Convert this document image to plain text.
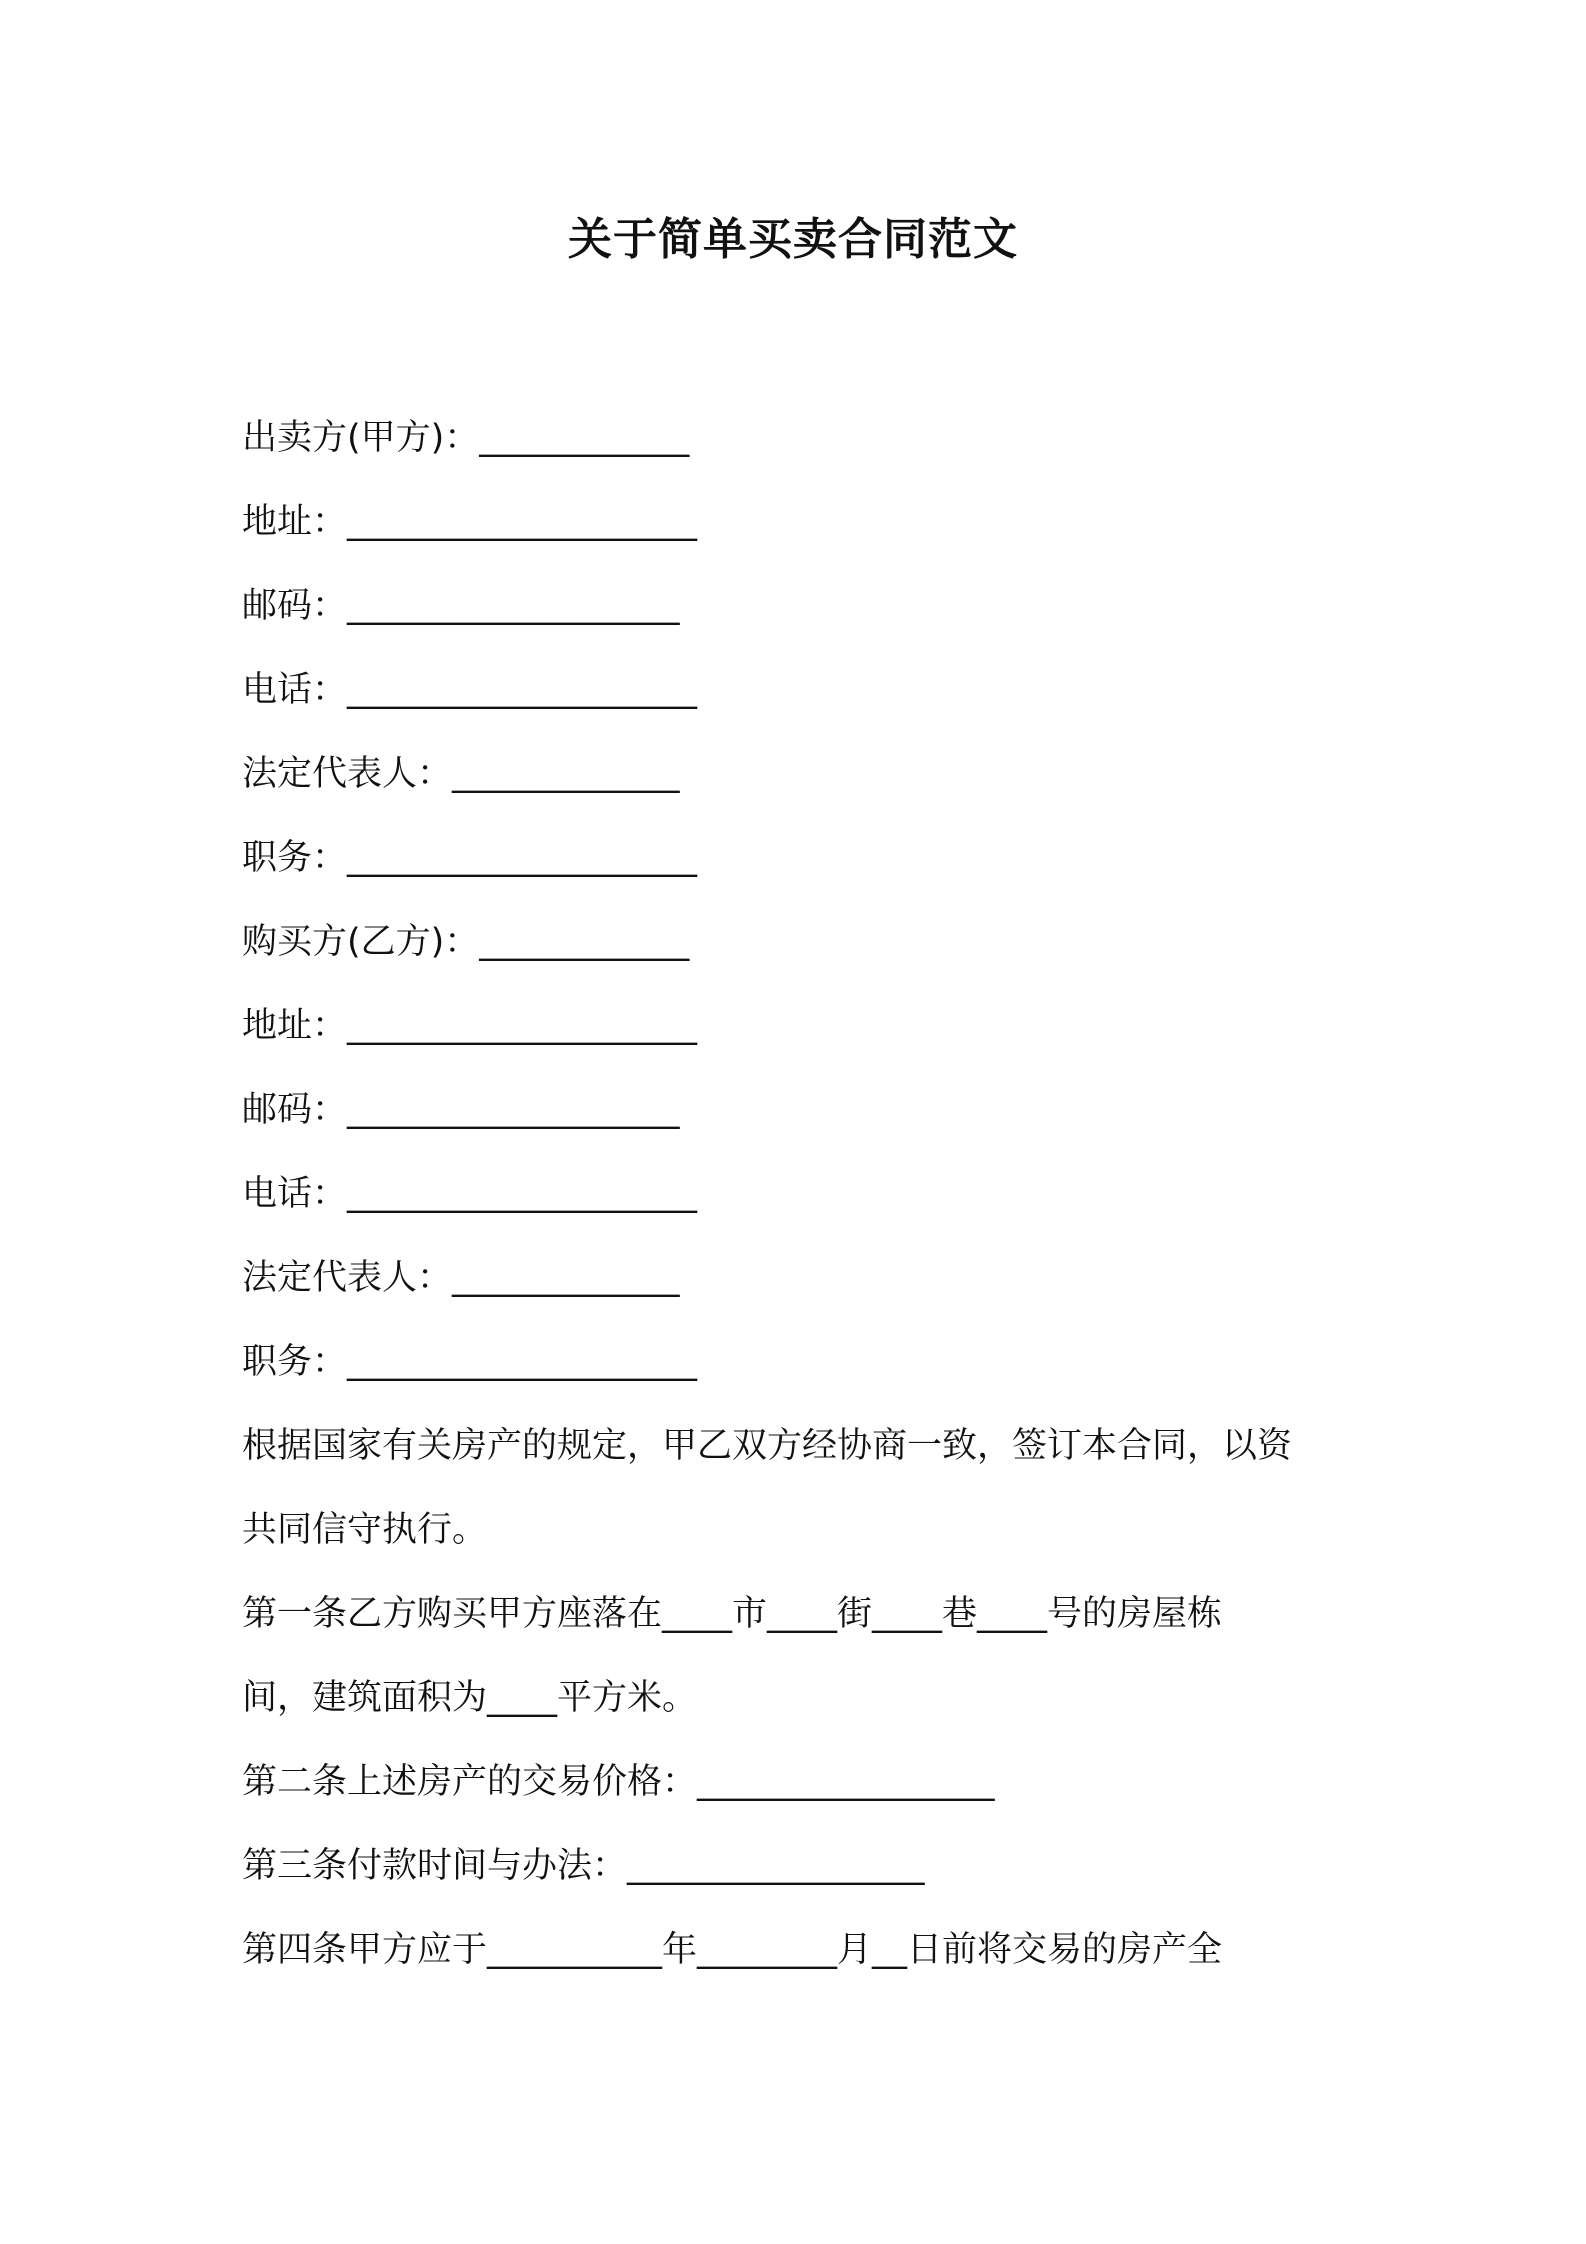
关于简单买卖合同范文
出卖方(甲方)：____________
地址：____________________
邮码：___________________
电话：____________________
法定代表人：_____________
职务：____________________
购买方(乙方)：____________
地址：____________________
邮码：___________________
电话：____________________
法定代表人：_____________
职务：____________________
根据国家有关房产的规定，甲乙双方经协商一致，签订本合同，以资
共同信守执行。
第一条乙方购买甲方座落在____市____街____巷____号的房屋栋
间，建筑面积为____平方米。
第二条上述房产的交易价格：_________________
第三条付款时间与办法：_________________
第四条甲方应于__________年________月__日前将交易的房产全
